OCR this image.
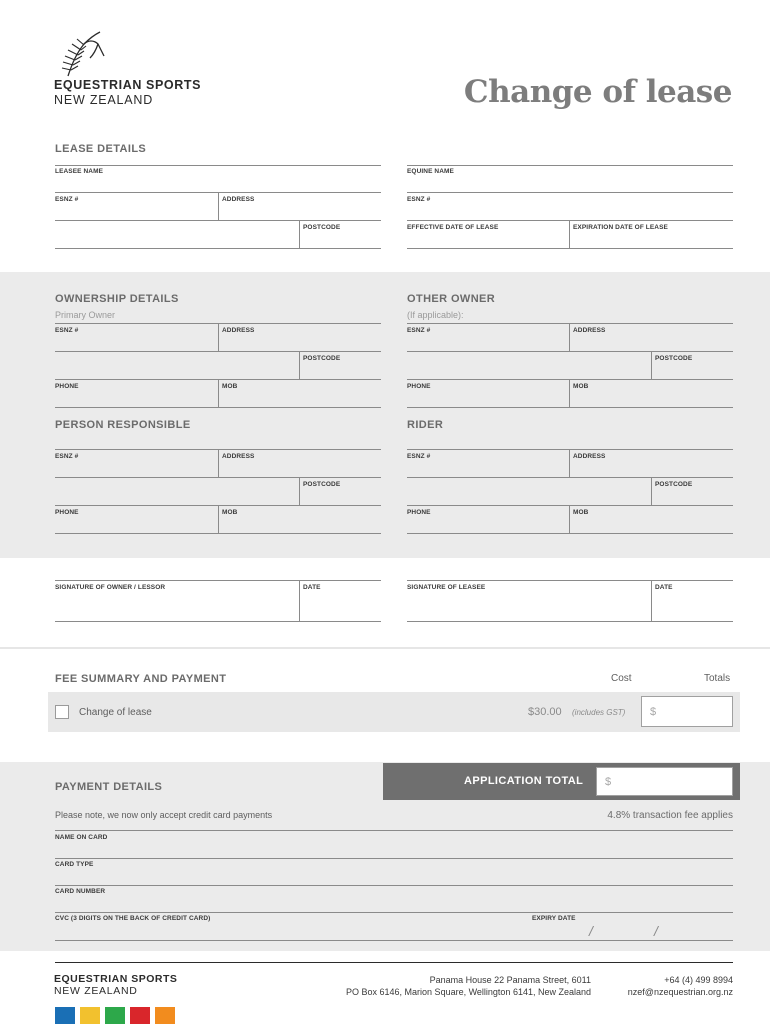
EQUESTRIAN SPORTS
NEW ZEALAND	Change of lease
LEASE DETAILS
LEASEE NAME
ESNZ #	ADDRESS
POSTCODE
EQUINE NAME
ESNZ #
EFFECTIVE DATE OF LEASE	EXPIRATION DATE OF LEASE
OWNERSHIP DETAILS
Primary Owner
ESNZ #	ADDRESS
POSTCODE
PHONE	MOB
OTHER OWNER
(If applicable):
ESNZ #	ADDRESS
POSTCODE
PHONE	MOB
PERSON RESPONSIBLE
ESNZ #	ADDRESS
POSTCODE
PHONE	MOB
RIDER
ESNZ #	ADDRESS
POSTCODE
PHONE	MOB
SIGNATURE OF OWNER / LESSOR	DATE	SIGNATURE OF LEASEE	DATE
FEE SUMMARY AND PAYMENT	Cost	Totals
Change of lease	$30.00 (includes GST) $
APPLICATION TOTAL $
PAYMENT DETAILS
Please note, we now only accept credit card payments	4.8% transaction fee applies
NAME ON CARD
CARD TYPE
CARD NUMBER
CVC (3 DIGITS ON THE BACK OF CREDIT CARD)	EXPIRY DATE
/	/
EQUESTRIAN SPORTS
NEW ZEALAND
Panama House 22 Panama Street, 6011
PO Box 6146, Marion Square, Wellington 6141, New Zealand
+64 (4) 499 8994
nzef@nzequestrian.org.nz
